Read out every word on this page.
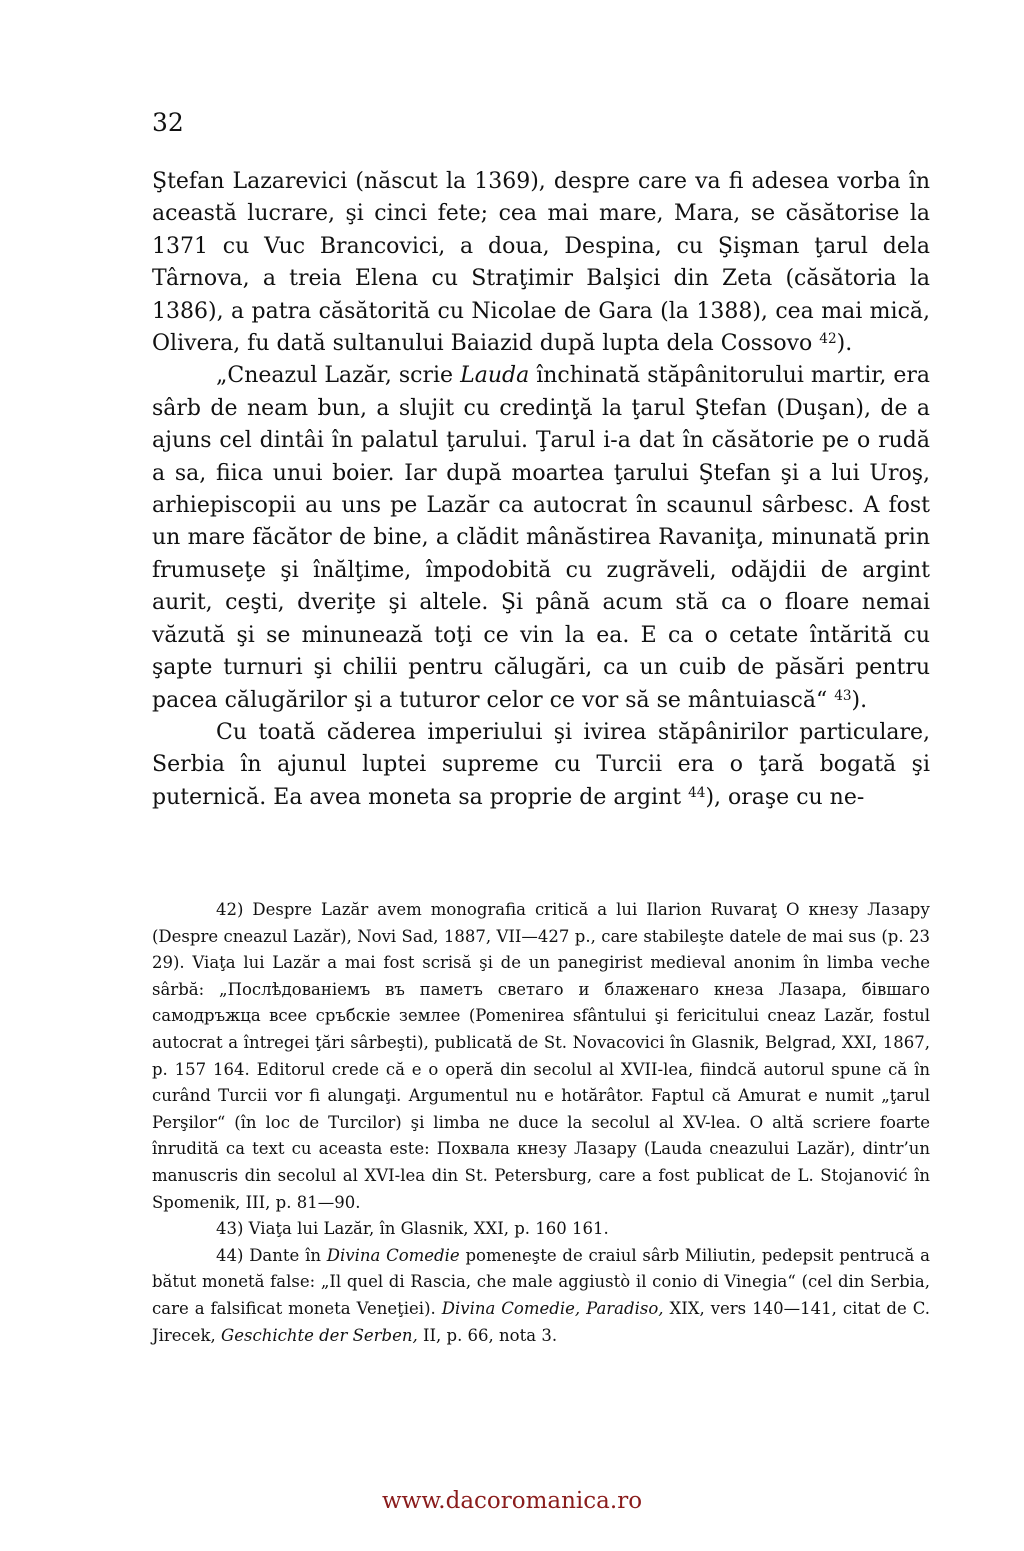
32

Ştefan Lazarevici (născut la 1369), despre care va fi adesea vorba în această lucrare, şi cinci fete; cea mai mare, Mara, se căsătorise la 1371 cu Vuc Brancovici, a doua, Despina, cu Şişman ţarul dela Târnova, a treia Elena cu Straţimir Balşici din Zeta (căsătoria la 1386), a patra căsătorită cu Nicolae de Gara (la 1388), cea mai mică, Olivera, fu dată sultanului Baiazid după lupta dela Cossovo $^{42}$).

„Cneazul Lazăr, scrie Lauda închinată stăpânitorului martir, era sârb de neam bun, a slujit cu credinţă la ţarul Ştefan (Duşan), de a ajuns cel dintâi în palatul ţarului. Ţarul i-a dat în căsătorie pe o rudă a sa, fiica unui boier. Iar după moartea ţarului Ştefan şi a lui Uroş, arhiepiscopii au uns pe Lazăr ca autocrat în scaunul sârbesc. A fost un mare făcător de bine, a clădit mânăstirea Ravaniţa, minunată prin frumuseţe şi înălţime, împodobită cu zugrăveli, odăjdii de argint aurit, ceşti, dveriţe şi altele. Şi până acum stă ca o floare nemai văzută şi se minunează toţi ce vin la ea. E ca o cetate întărită cu şapte turnuri şi chilii pentru călugări, ca un cuib de păsări pentru pacea călugărilor şi a tuturor celor ce vor să se mântuiască“ $^{43}$).

Cu toată căderea imperiului şi ivirea stăpânirilor particulare, Serbia în ajunul luptei supreme cu Turcii era o ţară bogată şi puternică. Ea avea moneta sa proprie de argint $^{44}$), oraşe cu ne-

42) Despre Lazăr avem monografia critică a lui Ilarion Ruvaraţ О кнезу Лазару (Despre cneazul Lazăr), Novi Sad, 1887, VII—427 p., care stabileşte datele de mai sus (p. 23 29). Viaţa lui Lazăr a mai fost scrisă şi de un panegirist medieval anonim în limba veche sârbă: „Послѣдованіемъ въ паметъ светаго и блаженаго кнеза Лазара, бівшаго самодръжца всее сръбскіе землее (Pomenirea sfântului şi fericitului cneaz Lazăr, fostul autocrat a întregei ţări sârbeşti), publicată de St. Novacovici în Glasnik, Belgrad, XXI, 1867, p. 157 164. Editorul crede că e o operă din secolul al XVII-lea, fiindcă autorul spune că în curând Turcii vor fi alungaţi. Argumentul nu e hotărâtor. Faptul că Amurat e numit „ţarul Perşilor“ (în loc de Turcilor) şi limba ne duce la secolul al XV-lea. O altă scriere foarte înrudită ca text cu aceasta este: Похвала кнезу Лазару (Lauda cneazului Lazăr), dintr’un manuscris din secolul al XVI-lea din St. Petersburg, care a fost publicat de L. Stojanović în Spomenik, III, p. 81—90.

43) Viaţa lui Lazăr, în Glasnik, XXI, p. 160 161.

44) Dante în Divina Comedie pomeneşte de craiul sârb Miliutin, pedepsit pentrucă a bătut monetă false: „Il quel di Rascia, che male aggiustò il conio di Vinegia“ (cel din Serbia, care a falsificat moneta Veneţiei). Divina Comedie, Paradiso, XIX, vers 140—141, citat de C. Jirecek, Geschichte der Serben, II, p. 66, nota 3.

www.dacoromanica.ro
